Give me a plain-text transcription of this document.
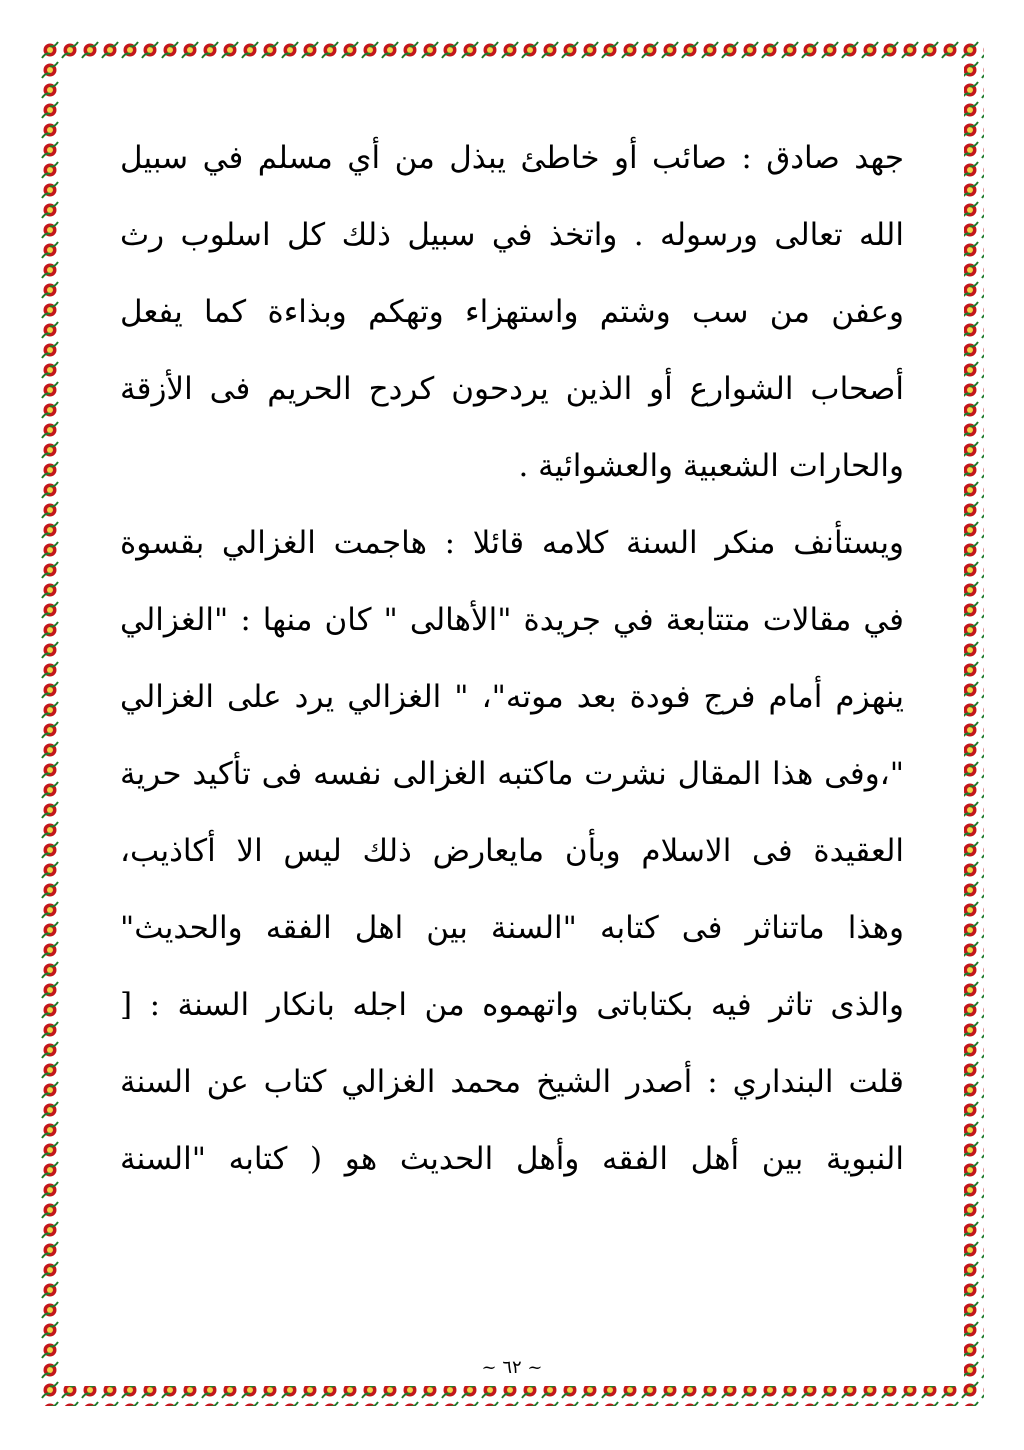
جهد صادق : صائب أو خاطئ يبذل من أي مسلم في سبيل
الله تعالى ورسوله . واتخذ في سبيل ذلك كل اسلوب رث
وعفن من سب وشتم واستهزاء وتهكم وبذاءة كما يفعل
أصحاب الشوارع أو الذين يردحون كردح الحريم فى الأزقة
والحارات الشعبية والعشوائية .
ويستأنف منكر السنة كلامه قائلا : هاجمت الغزالي بقسوة
في مقالات متتابعة في جريدة "الأهالى " كان منها : "الغزالي
ينهزم أمام فرج فودة بعد موته"، " الغزالي يرد على الغزالي
"،وفى هذا المقال نشرت ماكتبه الغزالى نفسه فى تأكيد حرية
العقيدة فى الاسلام وبأن مايعارض ذلك ليس الا أكاذيب،
وهذا ماتناثر فى كتابه "السنة بين اهل الفقه والحديث"
والذى تاثر فيه بكتاباتى واتهموه من اجله بانكار السنة : [
قلت البنداري : أصدر الشيخ محمد الغزالي كتاب عن السنة
النبوية بين أهل الفقه وأهل الحديث هو ( كتابه "السنة
~ ٦٢ ~
